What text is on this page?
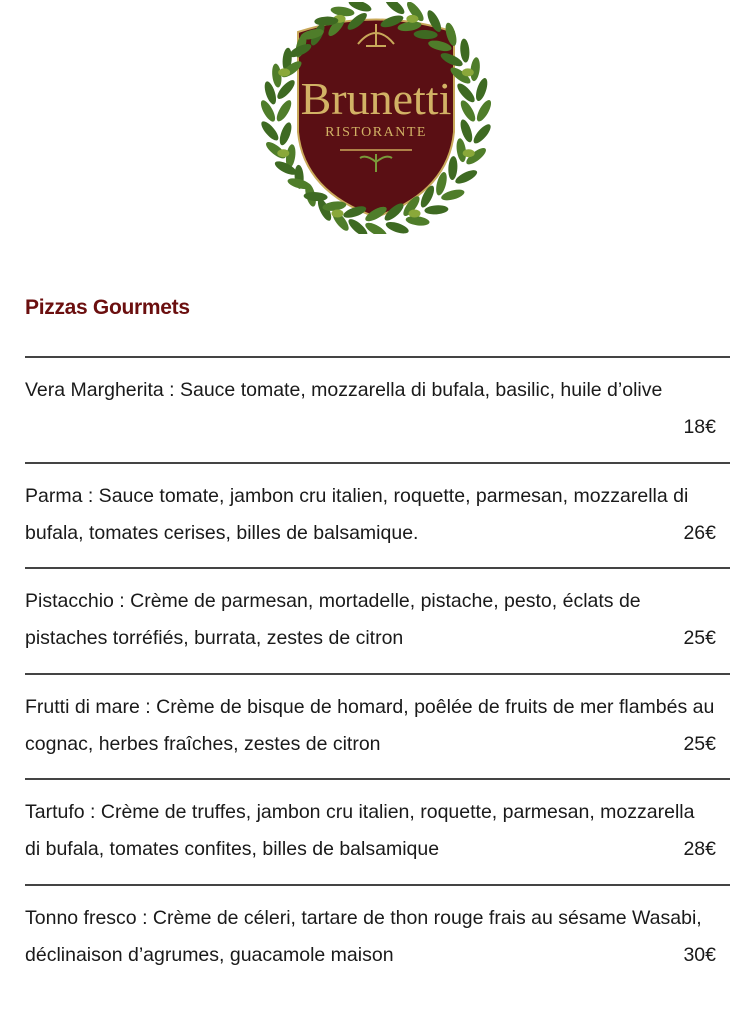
Brunetti
RISTORANTE
Pizzas Gourmets
Vera Margherita : Sauce tomate, mozzarella di bufala, basilic, huile d’olive
18€
Parma : Sauce tomate, jambon cru italien, roquette, parmesan, mozzarella di bufala, tomates cerises, billes de balsamique.	26€
Pistacchio : Crème de parmesan, mortadelle, pistache, pesto, éclats de pistaches torréfiés, burrata, zestes de citron	25€
Frutti di mare : Crème de bisque de homard, poêlée de fruits de mer flambés au cognac, herbes fraîches, zestes de citron	25€
Tartufo : Crème de truffes, jambon cru italien, roquette, parmesan, mozzarella di bufala, tomates confites, billes de balsamique	28€
Tonno fresco : Crème de céleri, tartare de thon rouge frais au sésame Wasabi, déclinaison d’agrumes, guacamole maison	30€
